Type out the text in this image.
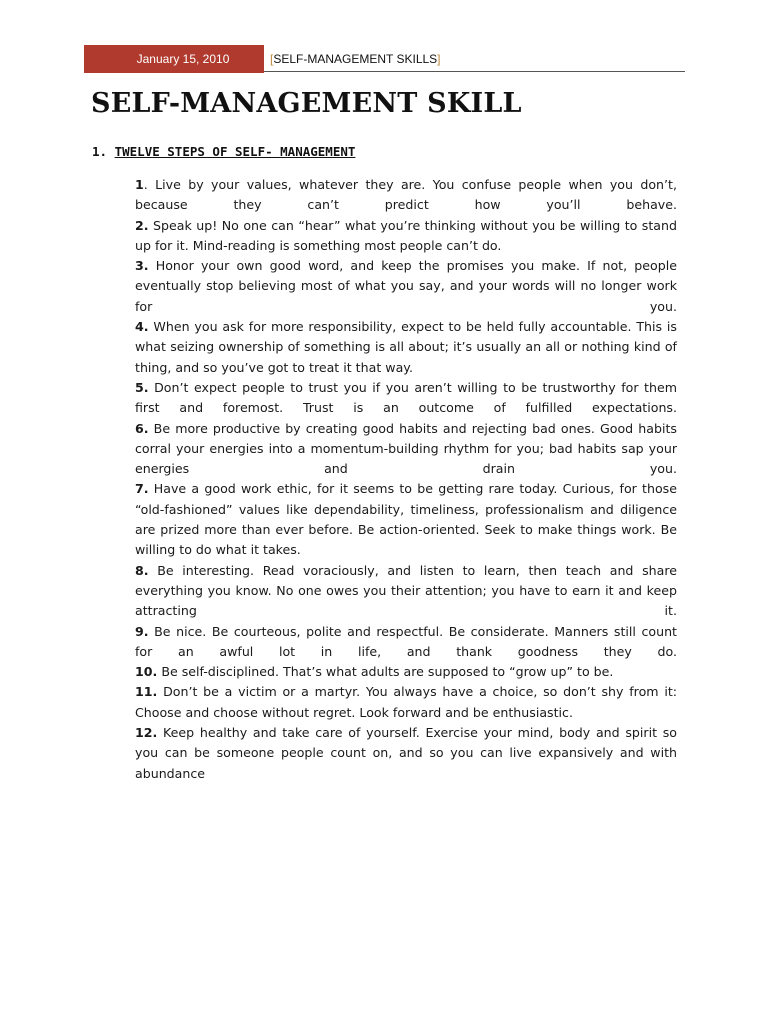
January 15, 2010	[SELF-MANAGEMENT SKILLS]
SELF-MANAGEMENT SKILL
1. TWELVE STEPS OF SELF- MANAGEMENT

1. Live by your values, whatever they are. You confuse people when you don’t, because they can’t predict how you’ll behave.

2. Speak up! No one can “hear” what you’re thinking without you be willing to stand up for it. Mind-reading is something most people can’t do.

3. Honor your own good word, and keep the promises you make. If not, people eventually stop believing most of what you say, and your words will no longer work for you.

4. When you ask for more responsibility, expect to be held fully accountable. This is what seizing ownership of something is all about; it’s usually an all or nothing kind of thing, and so you’ve got to treat it that way.

5. Don’t expect people to trust you if you aren’t willing to be trustworthy for them first and foremost. Trust is an outcome of fulfilled expectations.

6. Be more productive by creating good habits and rejecting bad ones. Good habits corral your energies into a momentum-building rhythm for you; bad habits sap your energies and drain you.

7. Have a good work ethic, for it seems to be getting rare today. Curious, for those “old-fashioned” values like dependability, timeliness, professionalism and diligence are prized more than ever before. Be action-oriented. Seek to make things work. Be willing to do what it takes.

8. Be interesting. Read voraciously, and listen to learn, then teach and share everything you know. No one owes you their attention; you have to earn it and keep attracting it.

9. Be nice. Be courteous, polite and respectful. Be considerate. Manners still count for an awful lot in life, and thank goodness they do.

10. Be self-disciplined. That’s what adults are supposed to “grow up” to be.

11. Don’t be a victim or a martyr. You always have a choice, so don’t shy from it: Choose and choose without regret. Look forward and be enthusiastic.

12. Keep healthy and take care of yourself. Exercise your mind, body and spirit so you can be someone people count on, and so you can live expansively and with abundance
